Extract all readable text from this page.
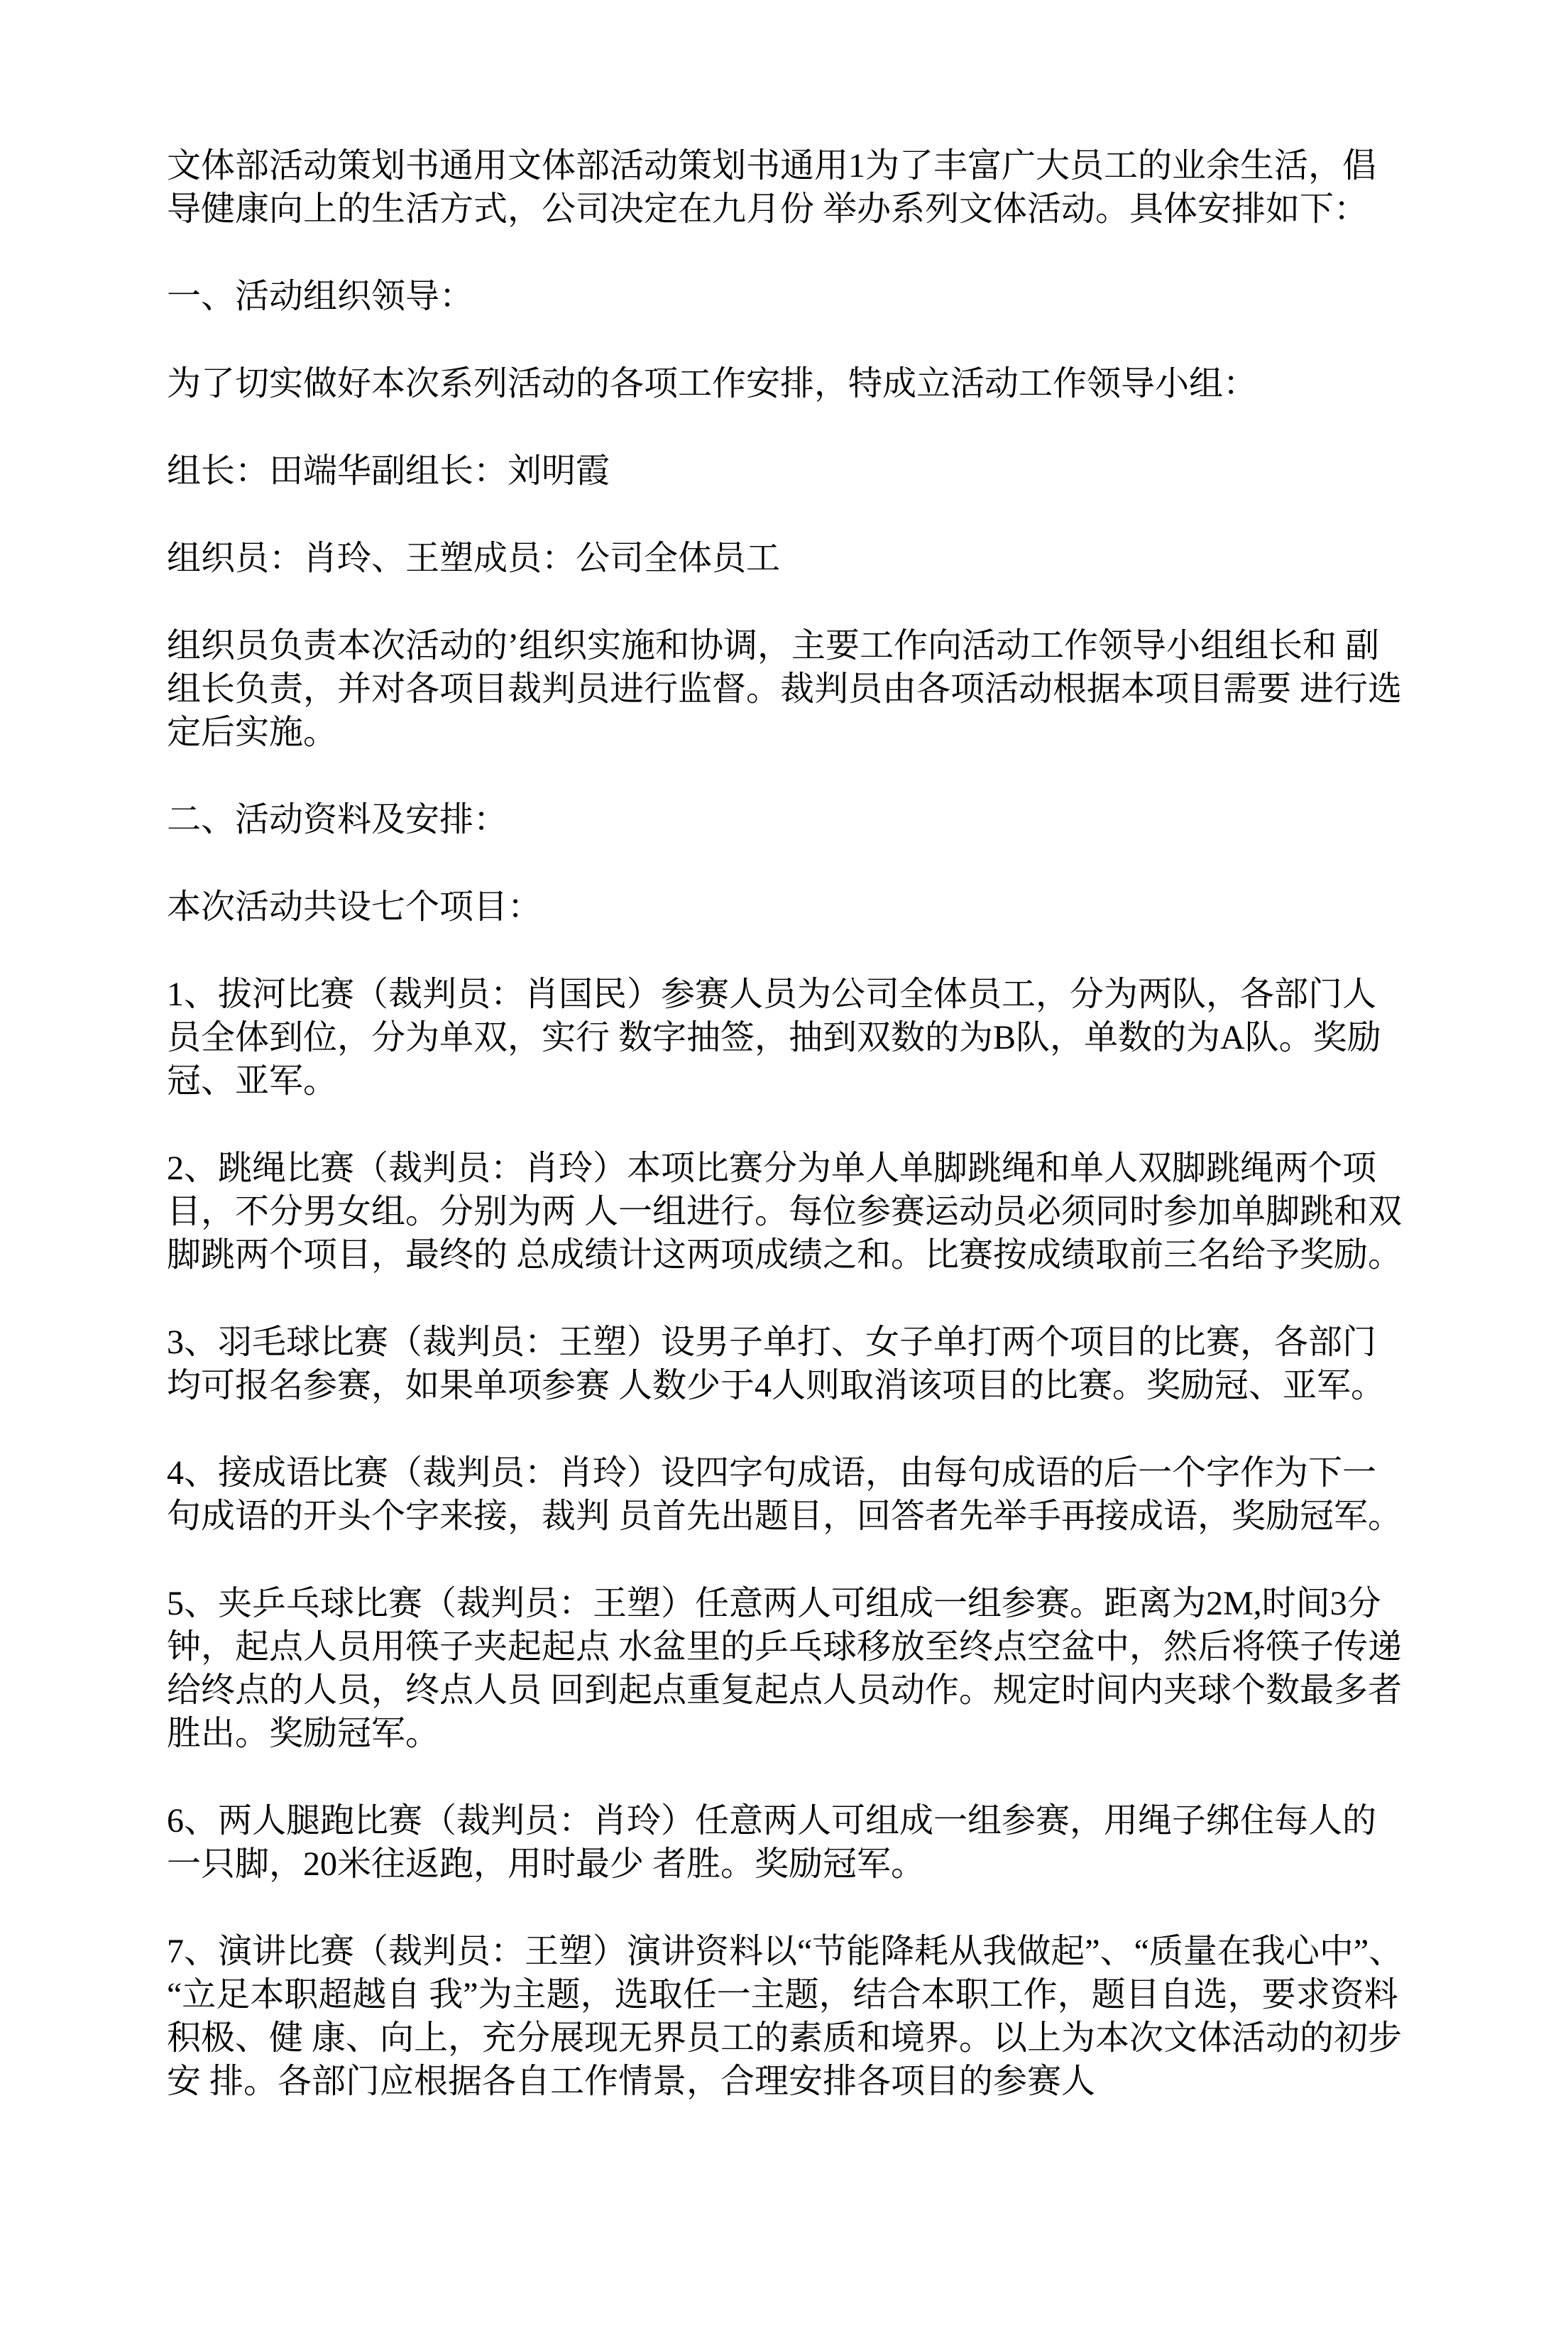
文体部活动策划书通用文体部活动策划书通用1为了丰富广大员工的业余生活，倡导健康向上的生活方式，公司决定在九月份 举办系列文体活动。具体安排如下：

一、活动组织领导：

为了切实做好本次系列活动的各项工作安排，特成立活动工作领导小组：

组长：田端华副组长：刘明霞

组织员：肖玲、王塑成员：公司全体员工

组织员负责本次活动的’组织实施和协调，主要工作向活动工作领导小组组长和 副组长负责，并对各项目裁判员进行监督。裁判员由各项活动根据本项目需要 进行选定后实施。

二、活动资料及安排：

本次活动共设七个项目：

1、拔河比赛（裁判员：肖国民）参赛人员为公司全体员工，分为两队，各部门人员全体到位，分为单双，实行 数字抽签，抽到双数的为B队，单数的为A队。奖励冠、亚军。

2、跳绳比赛（裁判员：肖玲）本项比赛分为单人单脚跳绳和单人双脚跳绳两个项目，不分男女组。分别为两 人一组进行。每位参赛运动员必须同时参加单脚跳和双脚跳两个项目，最终的 总成绩计这两项成绩之和。比赛按成绩取前三名给予奖励。

3、羽毛球比赛（裁判员：王塑）设男子单打、女子单打两个项目的比赛，各部门均可报名参赛，如果单项参赛 人数少于4人则取消该项目的比赛。奖励冠、亚军。

4、接成语比赛（裁判员：肖玲）设四字句成语，由每句成语的后一个字作为下一句成语的开头个字来接，裁判 员首先出题目，回答者先举手再接成语，奖励冠军。

5、夹乒乓球比赛（裁判员：王塑）任意两人可组成一组参赛。距离为2M,时间3分钟，起点人员用筷子夹起起点 水盆里的乒乓球移放至终点空盆中，然后将筷子传递给终点的人员，终点人员 回到起点重复起点人员动作。规定时间内夹球个数最多者胜出。奖励冠军。

6、两人腿跑比赛（裁判员：肖玲）任意两人可组成一组参赛，用绳子绑住每人的一只脚，20米往返跑，用时最少 者胜。奖励冠军。

7、演讲比赛（裁判员：王塑）演讲资料以“节能降耗从我做起”、“质量在我心中”、“立足本职超越自 我”为主题，选取任一主题，结合本职工作，题目自选，要求资料积极、健 康、向上，充分展现无界员工的素质和境界。以上为本次文体活动的初步安 排。各部门应根据各自工作情景，合理安排各项目的参赛人
